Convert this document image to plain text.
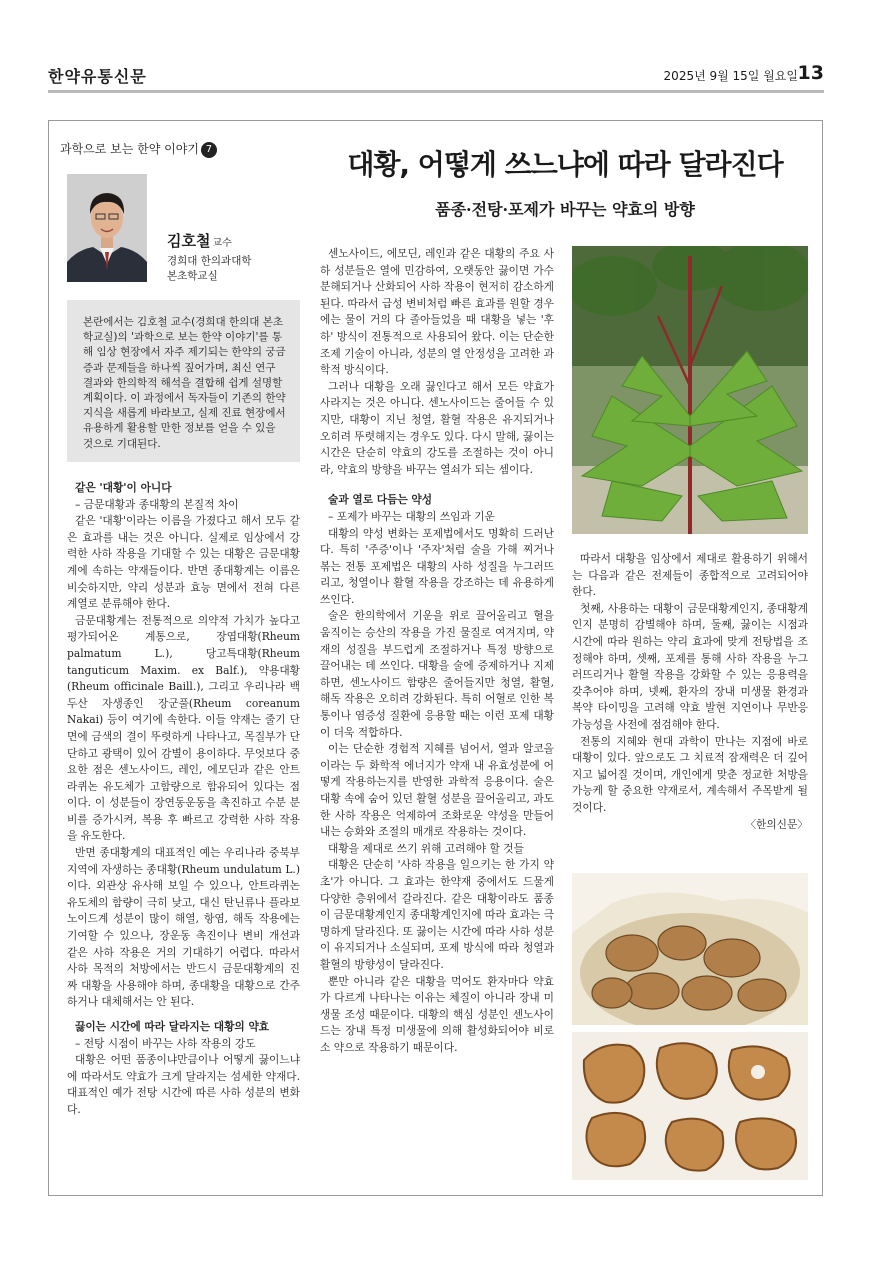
한약유통신문	2025년 9월 15일 월요일 13
과학으로 보는 한약 이야기 7
김호철 교수
경희대 한의과대학
본초학교실
본란에서는 김호철 교수(경희대 한의대 본초학교실)의 '과학으로 보는 한약 이야기'를 통해 임상 현장에서 자주 제기되는 한약의 궁금증과 문제들을 하나씩 짚어가며, 최신 연구 결과와 한의학적 해석을 결합해 쉽게 설명할 계획이다. 이 과정에서 독자들이 기존의 한약 지식을 새롭게 바라보고, 실제 진료 현장에서 유용하게 활용할 만한 정보를 얻을 수 있을 것으로 기대된다.
대황, 어떻게 쓰느냐에 따라 달라진다
품종·전탕·포제가 바꾸는 약효의 방향

같은 '대황'이 아니다

– 금문대황과 종대황의 본질적 차이

같은 '대황'이라는 이름을 가졌다고 해서 모두 같은 효과를 내는 것은 아니다. 실제로 임상에서 강력한 사하 작용을 기대할 수 있는 대황은 금문대황계에 속하는 약재들이다. 반면 종대황계는 이름은 비슷하지만, 약리 성분과 효능 면에서 전혀 다른 계열로 분류해야 한다.

금문대황계는 전통적으로 의약적 가치가 높다고 평가되어온 계통으로, 장엽대황(Rheum palmatum L.), 당고특대황(Rheum tanguticum Maxim. ex Balf.), 약용대황(Rheum officinale Baill.), 그리고 우리나라 백두산 자생종인 장군풀(Rheum coreanum Nakai) 등이 여기에 속한다. 이들 약재는 줄기 단면에 금색의 결이 뚜렷하게 나타나고, 목질부가 단단하고 광택이 있어 감별이 용이하다. 무엇보다 중요한 점은 센노사이드, 레인, 에모딘과 같은 안트라퀴논 유도체가 고함량으로 함유되어 있다는 점이다. 이 성분들이 장연동운동을 촉진하고 수분 분비를 증가시켜, 복용 후 빠르고 강력한 사하 작용을 유도한다.

반면 종대황계의 대표적인 예는 우리나라 중북부 지역에 자생하는 종대황(Rheum undulatum L.)이다. 외관상 유사해 보일 수 있으나, 안트라퀴논 유도체의 함량이 극히 낮고, 대신 탄닌류나 플라보노이드계 성분이 많이 해열, 항염, 해독 작용에는 기여할 수 있으나, 장운동 촉진이나 변비 개선과 같은 사하 작용은 거의 기대하기 어렵다. 따라서 사하 목적의 처방에서는 반드시 금문대황계의 진짜 대황을 사용해야 하며, 종대황을 대황으로 간주하거나 대체해서는 안 된다.

끓이는 시간에 따라 달라지는 대황의 약효

– 전탕 시점이 바꾸는 사하 작용의 강도

대황은 어떤 품종이냐만큼이나 어떻게 끓이느냐에 따라서도 약효가 크게 달라지는 섬세한 약재다. 대표적인 예가 전탕 시간에 따른 사하 성분의 변화다.

센노사이드, 에모딘, 레인과 같은 대황의 주요 사하 성분들은 열에 민감하여, 오랫동안 끓이면 가수분해되거나 산화되어 사하 작용이 현저히 감소하게 된다. 따라서 급성 변비처럼 빠른 효과를 원할 경우에는 물이 거의 다 졸아들었을 때 대황을 넣는 '후하' 방식이 전통적으로 사용되어 왔다. 이는 단순한 조제 기술이 아니라, 성분의 열 안정성을 고려한 과학적 방식이다.

그러나 대황을 오래 끓인다고 해서 모든 약효가 사라지는 것은 아니다. 센노사이드는 줄어들 수 있지만, 대황이 지닌 청열, 활혈 작용은 유지되거나 오히려 뚜렷해지는 경우도 있다. 다시 말해, 끓이는 시간은 단순히 약효의 강도를 조절하는 것이 아니라, 약효의 방향을 바꾸는 열쇠가 되는 셈이다.

술과 열로 다듬는 약성

– 포제가 바꾸는 대황의 쓰임과 기운

대황의 약성 변화는 포제법에서도 명확히 드러난다. 특히 '주증'이나 '주자'처럼 술을 가해 찌거나 볶는 전통 포제법은 대황의 사하 성질을 누그러뜨리고, 청열이나 활혈 작용을 강조하는 데 유용하게 쓰인다.

술은 한의학에서 기운을 위로 끌어올리고 혈을 움직이는 승산의 작용을 가진 물질로 여겨지며, 약재의 성질을 부드럽게 조절하거나 특정 방향으로 끌어내는 데 쓰인다. 대황을 술에 증제하거나 지제하면, 센노사이드 함량은 줄어들지만 청열, 활혈, 해독 작용은 오히려 강화된다. 특히 어혈로 인한 복통이나 염증성 질환에 응용할 때는 이런 포제 대황이 더욱 적합하다.

이는 단순한 경험적 지혜를 넘어서, 열과 알코올이라는 두 화학적 에너지가 약재 내 유효성분에 어떻게 작용하는지를 반영한 과학적 응용이다. 술은 대황 속에 숨어 있던 활혈 성분을 끌어올리고, 과도한 사하 작용은 억제하여 조화로운 약성을 만들어내는 승화와 조절의 매개로 작용하는 것이다.

대황을 제대로 쓰기 위해 고려해야 할 것들

대황은 단순히 '사하 작용을 일으키는 한 가지 약초'가 아니다. 그 효과는 한약재 중에서도 드물게 다양한 층위에서 갈라진다. 같은 대황이라도 품종이 금문대황계인지 종대황계인지에 따라 효과는 극명하게 달라진다. 또 끓이는 시간에 따라 사하 성분이 유지되거나 소실되며, 포제 방식에 따라 청열과 활혈의 방향성이 달라진다.

뿐만 아니라 같은 대황을 먹어도 환자마다 약효가 다르게 나타나는 이유는 체질이 아니라 장내 미생물 조성 때문이다. 대황의 핵심 성분인 센노사이드는 장내 특정 미생물에 의해 활성화되어야 비로소 약으로 작용하기 때문이다.

따라서 대황을 임상에서 제대로 활용하기 위해서는 다음과 같은 전제들이 종합적으로 고려되어야 한다.

첫째, 사용하는 대황이 금문대황계인지, 종대황계인지 분명히 감별해야 하며, 둘째, 끓이는 시점과 시간에 따라 원하는 약리 효과에 맞게 전탕법을 조정해야 하며, 셋째, 포제를 통해 사하 작용을 누그러뜨리거나 활혈 작용을 강화할 수 있는 응용력을 갖추어야 하며, 넷째, 환자의 장내 미생물 환경과 복약 타이밍을 고려해 약효 발현 지연이나 무반응 가능성을 사전에 점검해야 한다.

전통의 지혜와 현대 과학이 만나는 지점에 바로 대황이 있다. 앞으로도 그 치료적 잠재력은 더 깊어지고 넓어질 것이며, 개인에게 맞춘 정교한 처방을 가능케 할 중요한 약재로서, 계속해서 주목받게 될 것이다.

〈한의신문〉
